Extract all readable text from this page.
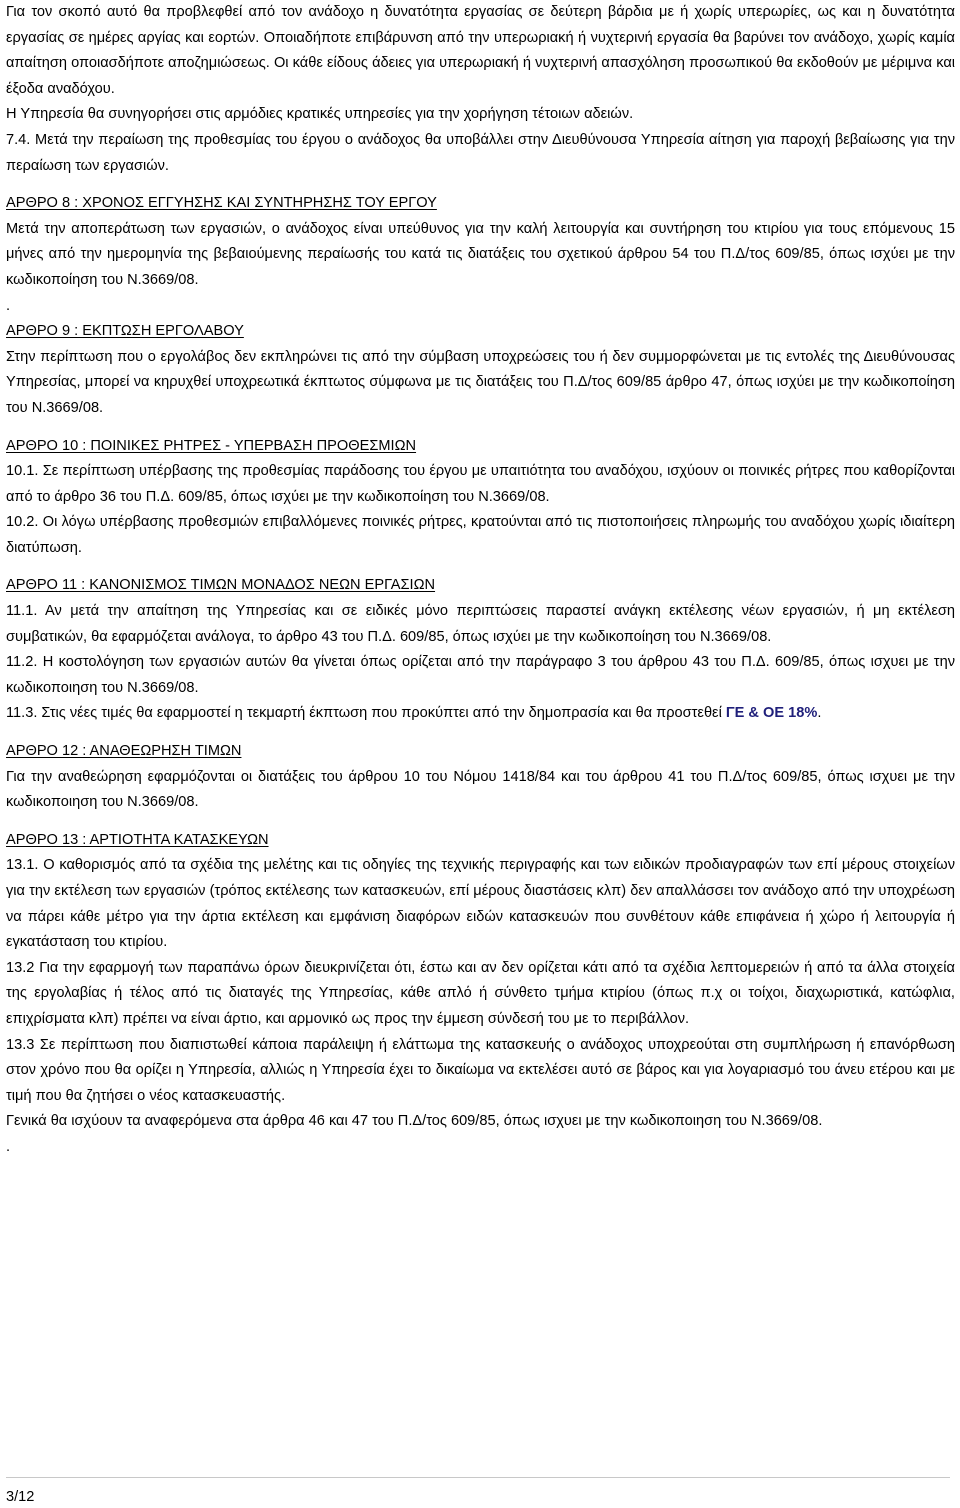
Για τον σκοπό αυτό θα προβλεφθεί από τον ανάδοχο η δυνατότητα εργασίας σε δεύτερη βάρδια με ή χωρίς υπερωρίες, ως και η δυνατότητα εργασίας σε ημέρες αργίας και εορτών. Οποιαδήποτε επιβάρυνση από την υπερωριακή ή νυχτερινή εργασία θα βαρύνει τον ανάδοχο, χωρίς καμία απαίτηση οποιασδήποτε αποζημιώσεως. Οι κάθε είδους άδειες για υπερωριακή ή νυχτερινή απασχόληση προσωπικού θα εκδοθούν με μέριμνα και έξοδα αναδόχου.

Η Υπηρεσία θα συνηγορήσει στις αρμόδιες κρατικές υπηρεσίες για την χορήγηση τέτοιων αδειών.

7.4. Μετά την περαίωση της προθεσμίας του έργου ο ανάδοχος θα υποβάλλει στην Διευθύνουσα Υπηρεσία αίτηση για παροχή βεβαίωσης για την περαίωση των εργασιών.

ΑΡΘΡΟ 8 : ΧΡΟΝΟΣ ΕΓΓΥΗΣΗΣ ΚΑΙ ΣΥΝΤΗΡΗΣΗΣ ΤΟΥ ΕΡΓΟΥ

Μετά την αποπεράτωση των εργασιών, ο ανάδοχος είναι υπεύθυνος για την καλή λειτουργία και συντήρηση του κτιρίου για τους επόμενους 15 μήνες από την ημερομηνία της βεβαιούμενης περαίωσής του κατά τις διατάξεις του σχετικού άρθρου 54 του Π.Δ/τος 609/85, όπως ισχύει με την κωδικοποίηση του Ν.3669/08.

.

ΑΡΘΡΟ 9 : ΕΚΠΤΩΣΗ ΕΡΓΟΛΑΒΟΥ

Στην περίπτωση που ο εργολάβος δεν εκπληρώνει τις από την σύμβαση υποχρεώσεις του ή δεν συμμορφώνεται με τις εντολές της Διευθύνουσας Υπηρεσίας, μπορεί να κηρυχθεί υποχρεωτικά έκπτωτος σύμφωνα με τις διατάξεις του Π.Δ/τος 609/85 άρθρο 47, όπως ισχύει με την κωδικοποίηση του Ν.3669/08.

ΑΡΘΡΟ 10 : ΠΟΙΝΙΚΕΣ ΡΗΤΡΕΣ - ΥΠΕΡΒΑΣΗ ΠΡΟΘΕΣΜΙΩΝ

10.1. Σε περίπτωση υπέρβασης της προθεσμίας παράδοσης του έργου με υπαιτιότητα του αναδόχου, ισχύουν οι ποινικές ρήτρες που καθορίζονται από το άρθρο 36 του Π.Δ. 609/85, όπως ισχύει με την κωδικοποίηση του Ν.3669/08.

10.2. Οι λόγω υπέρβασης προθεσμιών επιβαλλόμενες ποινικές ρήτρες, κρατούνται από τις πιστοποιήσεις πληρωμής του αναδόχου χωρίς ιδιαίτερη διατύπωση.

ΑΡΘΡΟ 11 : ΚΑΝΟΝΙΣΜΟΣ ΤΙΜΩΝ ΜΟΝΑΔΟΣ ΝΕΩΝ ΕΡΓΑΣΙΩΝ

11.1. Αν μετά την απαίτηση της Υπηρεσίας και σε ειδικές μόνο περιπτώσεις παραστεί ανάγκη εκτέλεσης νέων εργασιών, ή μη εκτέλεση συμβατικών, θα εφαρμόζεται ανάλογα, το άρθρο 43 του Π.Δ. 609/85, όπως ισχύει με την κωδικοποίηση του Ν.3669/08.

11.2. Η κοστολόγηση των εργασιών αυτών θα γίνεται όπως ορίζεται από την παράγραφο 3 του άρθρου 43 του Π.Δ. 609/85, όπως ισχυει με την κωδικοποιηση του Ν.3669/08.

11.3. Στις νέες τιμές θα εφαρμοστεί η τεκμαρτή έκπτωση που προκύπτει από την δημοπρασία και θα προστεθεί ΓΕ & ΟΕ 18%.

ΑΡΘΡΟ 12 : ΑΝΑΘΕΩΡΗΣΗ ΤΙΜΩΝ

Για την αναθεώρηση εφαρμόζονται οι διατάξεις του άρθρου 10 του Νόμου 1418/84 και του άρθρου 41 του Π.Δ/τος 609/85, όπως ισχυει με την κωδικοποιηση του Ν.3669/08.

ΑΡΘΡΟ 13 : ΑΡΤΙΟΤΗΤΑ ΚΑΤΑΣΚΕΥΩΝ

13.1. Ο καθορισμός από τα σχέδια της μελέτης και τις οδηγίες της τεχνικής περιγραφής και των ειδικών προδιαγραφών των επί μέρους στοιχείων για την εκτέλεση των εργασιών (τρόπος εκτέλεσης των κατασκευών, επί μέρους διαστάσεις κλπ) δεν απαλλάσσει τον ανάδοχο από την υποχρέωση να πάρει κάθε μέτρο για την άρτια εκτέλεση και εμφάνιση διαφόρων ειδών κατασκευών που συνθέτουν κάθε επιφάνεια ή χώρο ή λειτουργία ή εγκατάσταση του κτιρίου.

13.2 Για την εφαρμογή των παραπάνω όρων διευκρινίζεται ότι, έστω και αν δεν ορίζεται κάτι από τα σχέδια λεπτομερειών ή από τα άλλα στοιχεία της εργολαβίας ή τέλος από τις διαταγές της Υπηρεσίας, κάθε απλό ή σύνθετο τμήμα κτιρίου (όπως π.χ οι τοίχοι, διαχωριστικά, κατώφλια, επιχρίσματα κλπ) πρέπει να είναι άρτιο, και αρμονικό ως προς την έμμεση σύνδεσή του με το περιβάλλον.

13.3 Σε περίπτωση που διαπιστωθεί κάποια παράλειψη ή ελάττωμα της κατασκευής ο ανάδοχος υποχρεούται στη συμπλήρωση ή επανόρθωση στον χρόνο που θα ορίζει η Υπηρεσία, αλλιώς η Υπηρεσία έχει το δικαίωμα να εκτελέσει αυτό σε βάρος και για λογαριασμό του άνευ ετέρου και με τιμή που θα ζητήσει ο νέος κατασκευαστής.

Γενικά θα ισχύουν τα αναφερόμενα στα άρθρα 46 και 47 του Π.Δ/τος 609/85, όπως ισχυει με την κωδικοποιηση του Ν.3669/08.

.

3/12
